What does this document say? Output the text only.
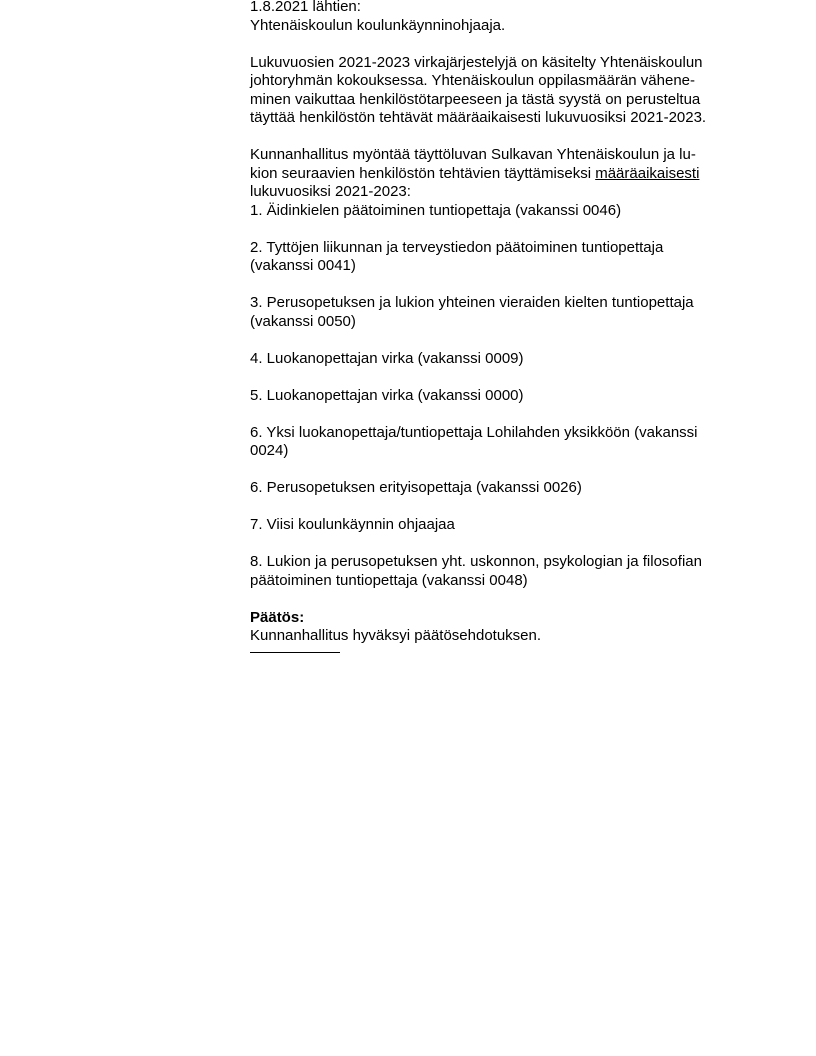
1.8.2021 lähtien:
Yhtenäiskoulun koulunkäynninohjaaja.
Lukuvuosien 2021-2023 virkajärjestelyjä on käsitelty Yhtenäiskoulun
johtoryhmän kokouksessa. Yhtenäiskoulun oppilasmäärän vähene-
minen vaikuttaa henkilöstötarpeeseen ja tästä syystä on perusteltua
täyttää henkilöstön tehtävät määräaikaisesti lukuvuosiksi 2021-2023.
Kunnanhallitus myöntää täyttöluvan Sulkavan Yhtenäiskoulun ja lu-
kion seuraavien henkilöstön tehtävien täyttämiseksi määräaikaisesti
lukuvuosiksi 2021-2023:
1. Äidinkielen päätoiminen tuntiopettaja (vakanssi 0046)
2. Tyttöjen liikunnan ja terveystiedon päätoiminen tuntiopettaja
(vakanssi 0041)
3. Perusopetuksen ja lukion yhteinen vieraiden kielten tuntiopettaja
(vakanssi 0050)
4. Luokanopettajan virka (vakanssi 0009)
5. Luokanopettajan virka (vakanssi 0000)
6. Yksi luokanopettaja/tuntiopettaja Lohilahden yksikköön (vakanssi
0024)
6. Perusopetuksen erityisopettaja (vakanssi 0026)
7. Viisi koulunkäynnin ohjaajaa
8. Lukion ja perusopetuksen yht. uskonnon, psykologian ja filosofian
päätoiminen tuntiopettaja (vakanssi 0048)
Päätös:
Kunnanhallitus hyväksyi päätösehdotuksen.
